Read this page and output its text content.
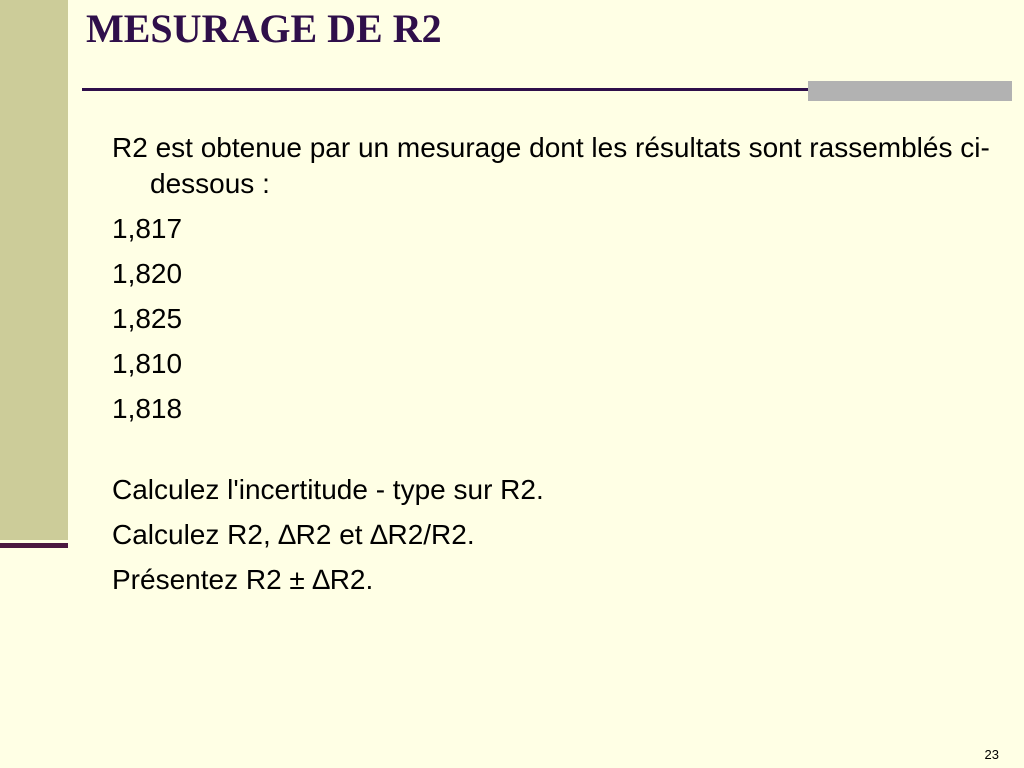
MESURAGE DE R2

R2 est obtenue par un mesurage dont les résultats sont rassemblés ci-dessous :

1,817

1,820

1,825

1,810

1,818

Calculez l'incertitude - type sur R2.

Calculez R2, ∆R2 et ∆R2/R2.

Présentez R2 ± ∆R2.

23
